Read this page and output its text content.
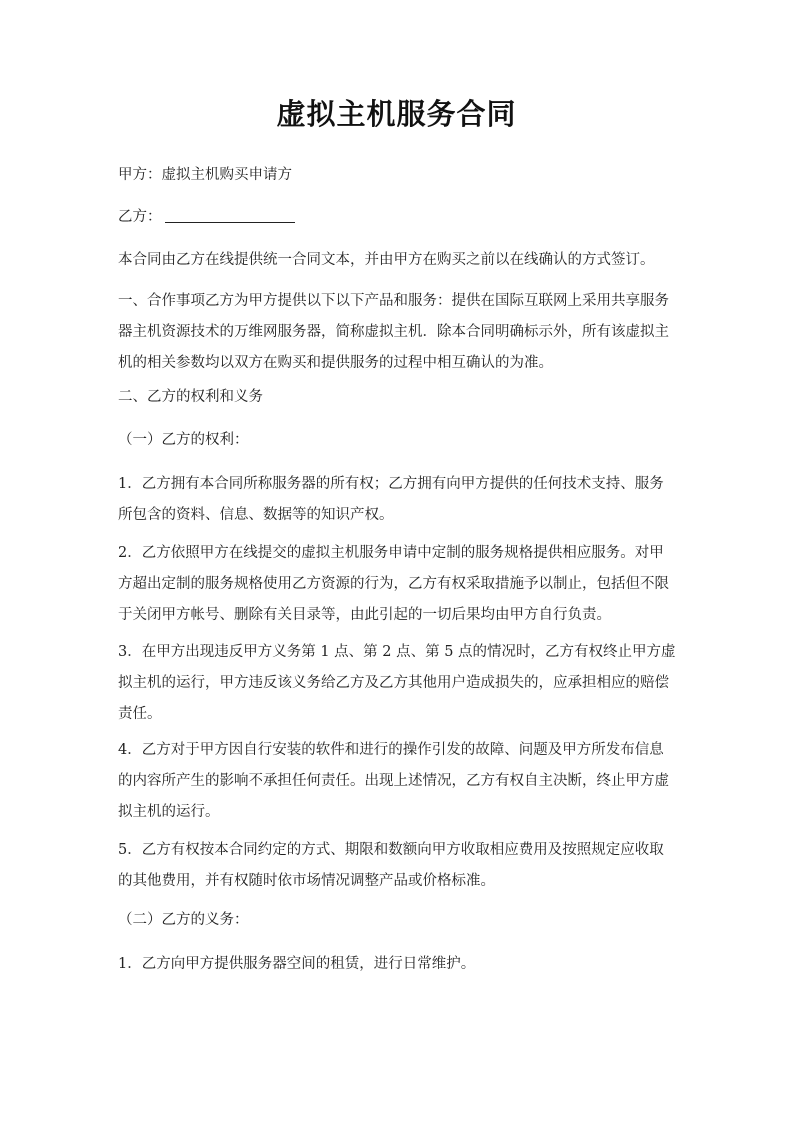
虚拟主机服务合同

甲方：虚拟主机购买申请方

乙方：

本合同由乙方在线提供统一合同文本，并由甲方在购买之前以在线确认的方式签订。

一、合作事项乙方为甲方提供以下以下产品和服务：提供在国际互联网上采用共享服务器主机资源技术的万维网服务器，简称虚拟主机．除本合同明确标示外，所有该虚拟主机的相关参数均以双方在购买和提供服务的过程中相互确认的为准。

二、乙方的权利和义务

（一）乙方的权利：

1．乙方拥有本合同所称服务器的所有权；乙方拥有向甲方提供的任何技术支持、服务所包含的资料、信息、数据等的知识产权。

2．乙方依照甲方在线提交的虚拟主机服务申请中定制的服务规格提供相应服务。对甲方超出定制的服务规格使用乙方资源的行为，乙方有权采取措施予以制止，包括但不限于关闭甲方帐号、删除有关目录等，由此引起的一切后果均由甲方自行负责。

3．在甲方出现违反甲方义务第 1 点、第 2 点、第 5 点的情况时，乙方有权终止甲方虚拟主机的运行，甲方违反该义务给乙方及乙方其他用户造成损失的，应承担相应的赔偿责任。

4．乙方对于甲方因自行安装的软件和进行的操作引发的故障、问题及甲方所发布信息的内容所产生的影响不承担任何责任。出现上述情况，乙方有权自主决断，终止甲方虚拟主机的运行。

5．乙方有权按本合同约定的方式、期限和数额向甲方收取相应费用及按照规定应收取的其他费用，并有权随时依市场情况调整产品或价格标准。

（二）乙方的义务：

1．乙方向甲方提供服务器空间的租赁，进行日常维护。
